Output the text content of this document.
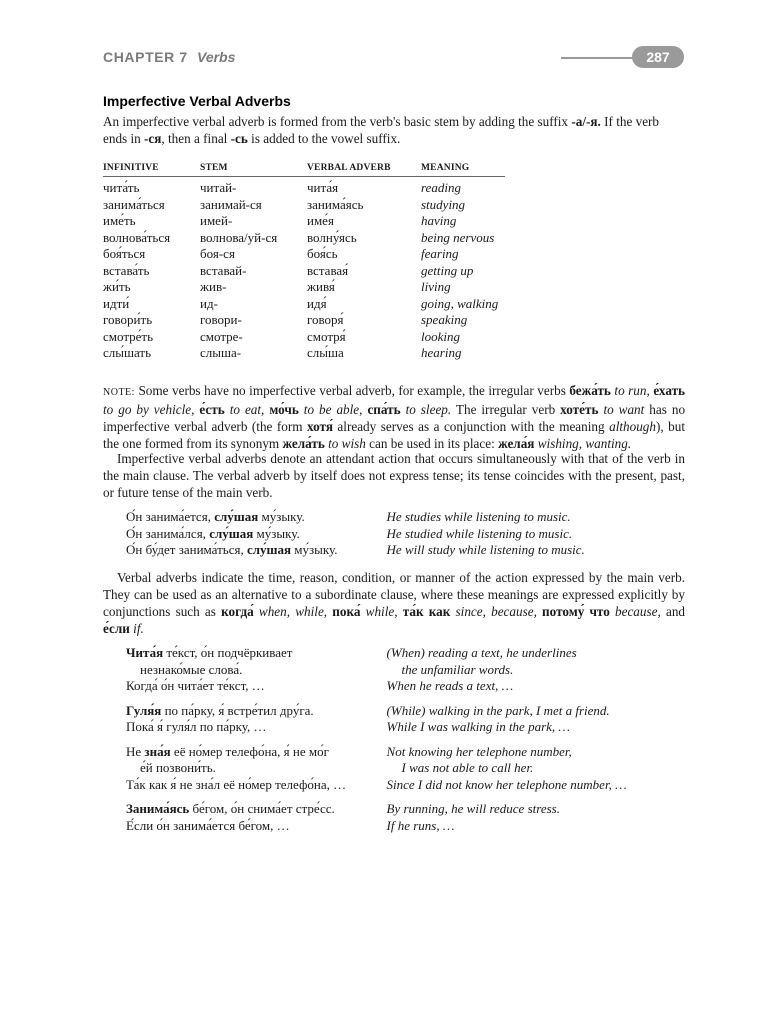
CHAPTER 7 Verbs	287
Imperfective Verbal Adverbs
An imperfective verbal adverb is formed from the verb's basic stem by adding the suffix -а/-я. If the verb ends in -ся, then a final -сь is added to the vowel suffix.
INFINITIVE	STEM	VERBAL ADVERB	MEANING
чита́ть	читай-	чита́я	reading
занима́ться	занимай-ся	занима́ясь	studying
име́ть	имей-	име́я	having
волнова́ться	волнова/уй-ся	волну́ясь	being nervous
боя́ться	боя-ся	боя́сь	fearing
встава́ть	вставай-	вставая́	getting up
жи́ть	жив-	живя́	living
идти́	ид-	идя́	going, walking
говори́ть	говори-	говоря́	speaking
смотре́ть	смотре-	смотря́	looking
слы́шать	слыша-	слы́ша	hearing
NOTE: Some verbs have no imperfective verbal adverb, for example, the irregular verbs бежа́ть to run, е́хать to go by vehicle, е́сть to eat, мо́чь to be able, спа́ть to sleep. The irregular verb хоте́ть to want has no imperfective verbal adverb (the form хотя́ already serves as a conjunction with the meaning although), but the one formed from its synonym жела́ть to wish can be used in its place: жела́я wishing, wanting.
Imperfective verbal adverbs denote an attendant action that occurs simultaneously with that of the verb in the main clause. The verbal adverb by itself does not express tense; its tense coincides with the present, past, or future tense of the main verb.
О́н занима́ется, слу́шая му́зыку.	He studies while listening to music.
О́н занима́лся, слу́шая му́зыку.	He studied while listening to music.
О́н бу́дет занима́ться, слу́шая му́зыку.	He will study while listening to music.
Verbal adverbs indicate the time, reason, condition, or manner of the action expressed by the main verb. They can be used as an alternative to a subordinate clause, where these meanings are expressed explicitly by conjunctions such as когда́ when, while, пока́ while, та́к как since, because, потому́ что because, and е́сли if.
Чита́я те́кст, о́н подчёркивает	(When) reading a text, he underlines
незнако́мые слова́.	the unfamiliar words.
Когда́ о́н чита́ет те́кст, …	When he reads a text, …
Гуля́я по па́рку, я́ встре́тил дру́га.	(While) walking in the park, I met a friend.
Пока́ я́ гуля́л по па́рку, …	While I was walking in the park, …
Не зна́я её но́мер телефо́на, я́ не мо́г	Not knowing her telephone number,
е́й позвони́ть.	I was not able to call her.
Та́к как я́ не зна́л её но́мер телефо́на, …	Since I did not know her telephone number, …
Занима́ясь бе́гом, о́н снима́ет стре́сс.	By running, he will reduce stress.
Е́сли о́н занима́ется бе́гом, …	If he runs, …
